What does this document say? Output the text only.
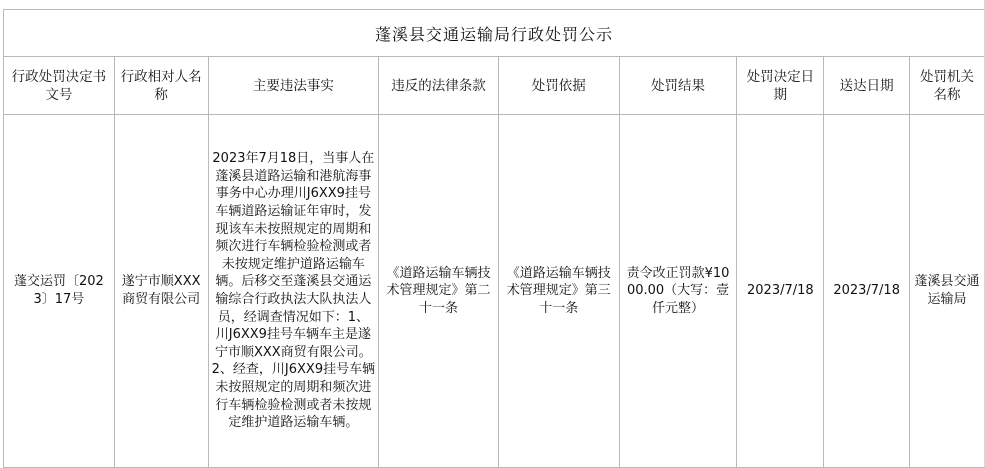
蓬溪县交通运输局行政处罚公示								
行政处罚决定书文号	行政相对人名称	主要违法事实	违反的法律条款	处罚依据	处罚结果	处罚决定日期	送达日期	处罚机关名称
蓬交运罚〔2023〕17号	遂宁市顺XXX商贸有限公司	2023年7月18日，当事人在蓬溪县道路运输和港航海事事务中心办理川J6XX9挂号车辆道路运输证年审时，发现该车未按照规定的周期和频次进行车辆检验检测或者未按规定维护道路运输车辆。后移交至蓬溪县交通运输综合行政执法大队执法人员，经调查情况如下：1、川J6XX9挂号车辆车主是遂宁市顺XXX商贸有限公司。2、经查，川J6XX9挂号车辆未按照规定的周期和频次进行车辆检验检测或者未按规定维护道路运输车辆。	《道路运输车辆技术管理规定》第二十一条	《道路运输车辆技术管理规定》第三十一条	责令改正罚款¥1000.00（大写：壹仟元整）	2023/7/18	2023/7/18	蓬溪县交通运输局
